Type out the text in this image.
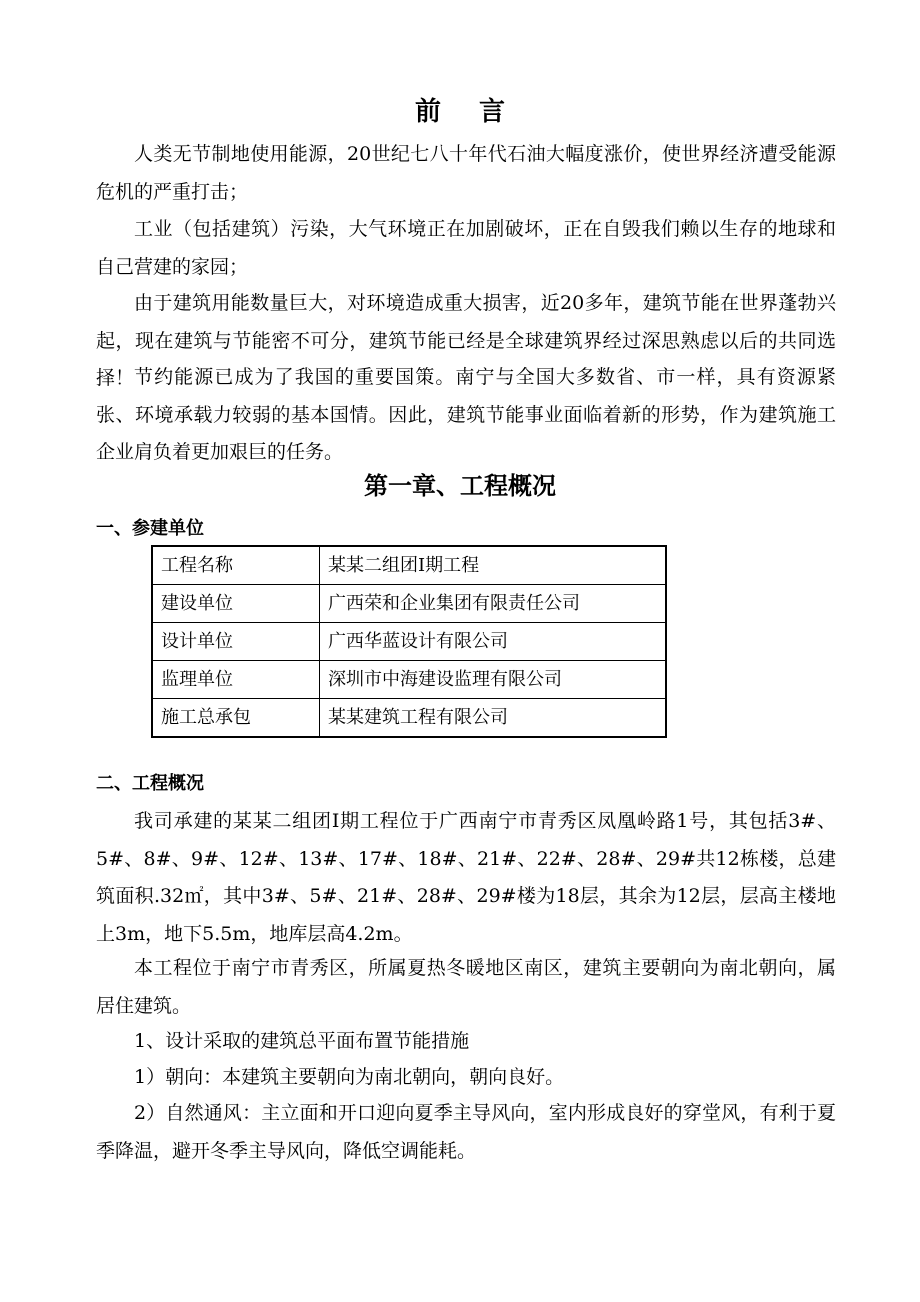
前言

人类无节制地使用能源，20世纪七八十年代石油大幅度涨价，使世界经济遭受能源危机的严重打击；

工业（包括建筑）污染，大气环境正在加剧破坏，正在自毁我们赖以生存的地球和自己营建的家园；

由于建筑用能数量巨大，对环境造成重大损害，近20多年，建筑节能在世界蓬勃兴起，现在建筑与节能密不可分，建筑节能已经是全球建筑界经过深思熟虑以后的共同选择！ 节约能源已成为了我国的重要国策。南宁与全国大多数省、市一样，具有资源紧张、环境承载力较弱的基本国情。因此，建筑节能事业面临着新的形势，作为建筑施工企业肩负着更加艰巨的任务。

第一章、工程概况
一、参建单位
工程名称	某某二组团I期工程
建设单位	广西荣和企业集团有限责任公司
设计单位	广西华蓝设计有限公司
监理单位	深圳市中海建设监理有限公司
施工总承包	某某建筑工程有限公司
二、工程概况

我司承建的某某二组团I期工程位于广西南宁市青秀区凤凰岭路1号，其包括3#、5#、8#、9#、12#、13#、17#、18#、21#、22#、28#、29#共12栋楼，总建筑面积.32㎡，其中3#、5#、21#、28#、29#楼为18层，其余为12层，层高主楼地上3m，地下5.5m，地库层高4.2m。

本工程位于南宁市青秀区，所属夏热冬暖地区南区，建筑主要朝向为南北朝向，属居住建筑。

1、设计采取的建筑总平面布置节能措施

1）朝向：本建筑主要朝向为南北朝向，朝向良好。

2）自然通风：主立面和开口迎向夏季主导风向，室内形成良好的穿堂风，有利于夏季降温，避开冬季主导风向，降低空调能耗。
